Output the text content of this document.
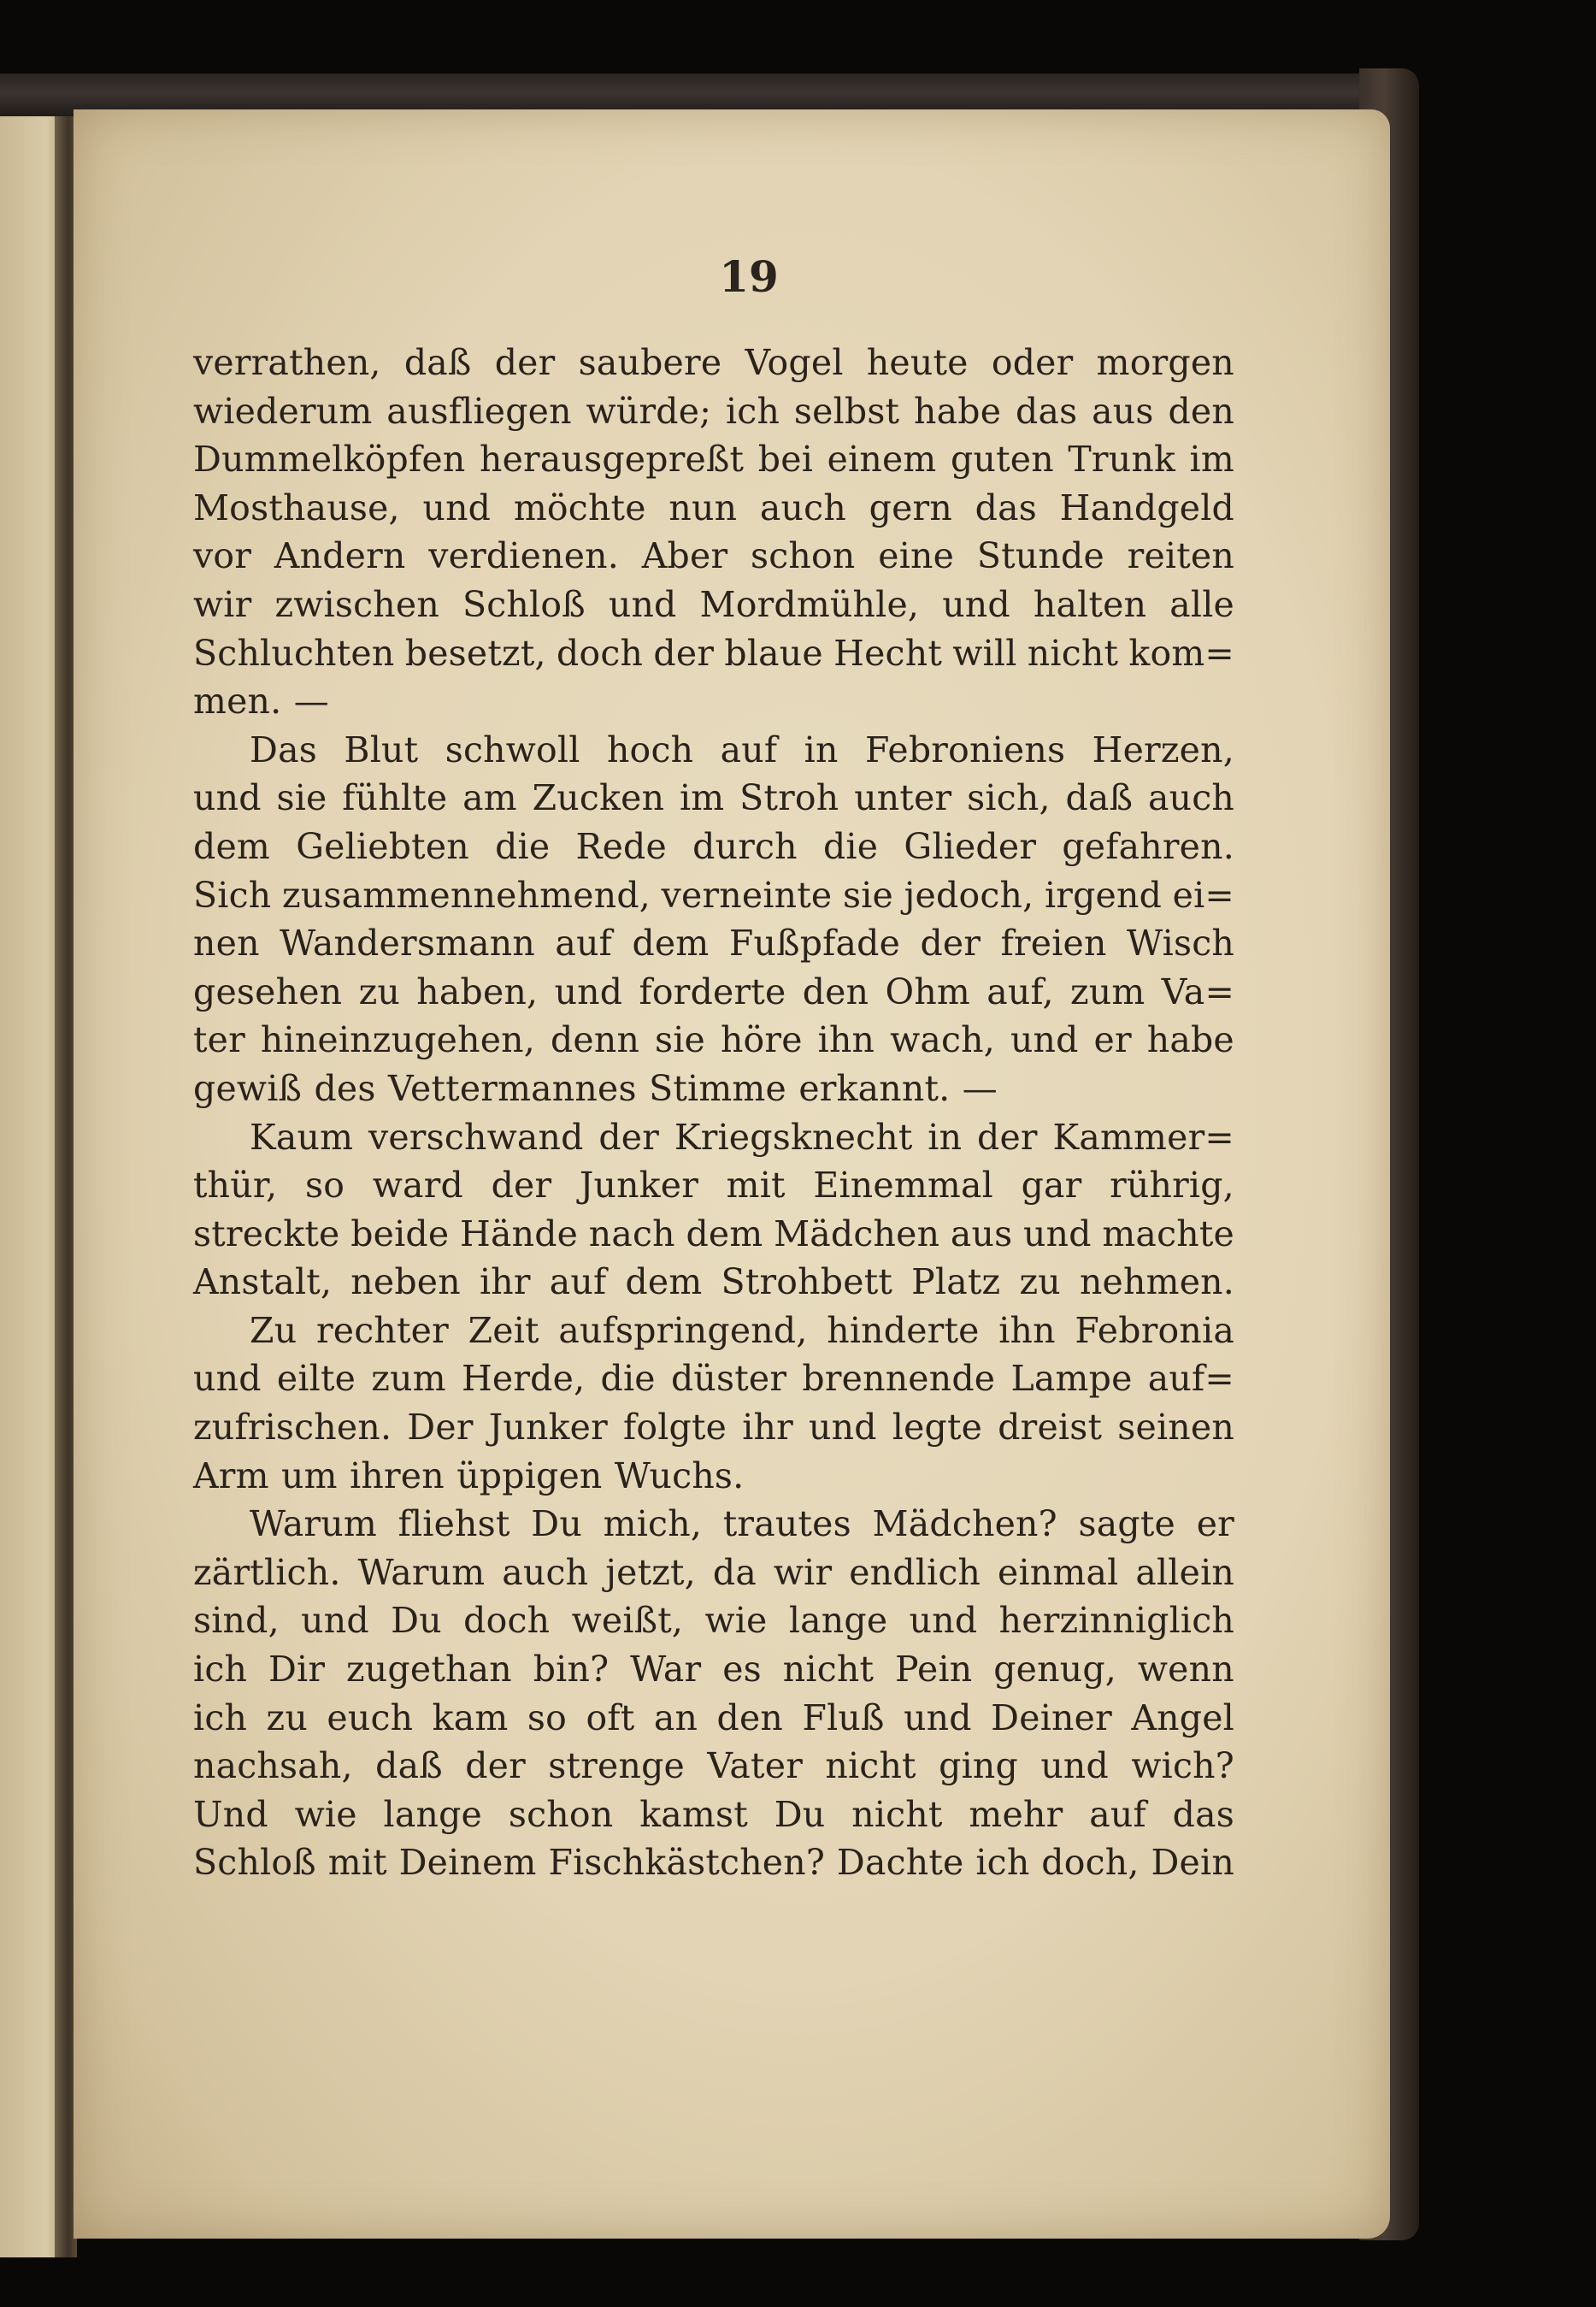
19
verrathen, daß der saubere Vogel heute oder morgen
wiederum ausfliegen würde; ich selbst habe das aus den
Dummelköpfen herausgepreßt bei einem guten Trunk im
Mosthause, und möchte nun auch gern das Handgeld
vor Andern verdienen. Aber schon eine Stunde reiten
wir zwischen Schloß und Mordmühle, und halten alle
Schluchten besetzt, doch der blaue Hecht will nicht kom=
men. —
Das Blut schwoll hoch auf in Febroniens Herzen,
und sie fühlte am Zucken im Stroh unter sich, daß auch
dem Geliebten die Rede durch die Glieder gefahren.
Sich zusammennehmend, verneinte sie jedoch, irgend ei=
nen Wandersmann auf dem Fußpfade der freien Wisch
gesehen zu haben, und forderte den Ohm auf, zum Va=
ter hineinzugehen, denn sie höre ihn wach, und er habe
gewiß des Vettermannes Stimme erkannt. —
Kaum verschwand der Kriegsknecht in der Kammer=
thür, so ward der Junker mit Einemmal gar rührig,
streckte beide Hände nach dem Mädchen aus und machte
Anstalt, neben ihr auf dem Strohbett Platz zu nehmen.
Zu rechter Zeit aufspringend, hinderte ihn Febronia
und eilte zum Herde, die düster brennende Lampe auf=
zufrischen. Der Junker folgte ihr und legte dreist seinen
Arm um ihren üppigen Wuchs.
Warum fliehst Du mich, trautes Mädchen? sagte er
zärtlich. Warum auch jetzt, da wir endlich einmal allein
sind, und Du doch weißt, wie lange und herzinniglich
ich Dir zugethan bin? War es nicht Pein genug, wenn
ich zu euch kam so oft an den Fluß und Deiner Angel
nachsah, daß der strenge Vater nicht ging und wich?
Und wie lange schon kamst Du nicht mehr auf das
Schloß mit Deinem Fischkästchen? Dachte ich doch, Dein
